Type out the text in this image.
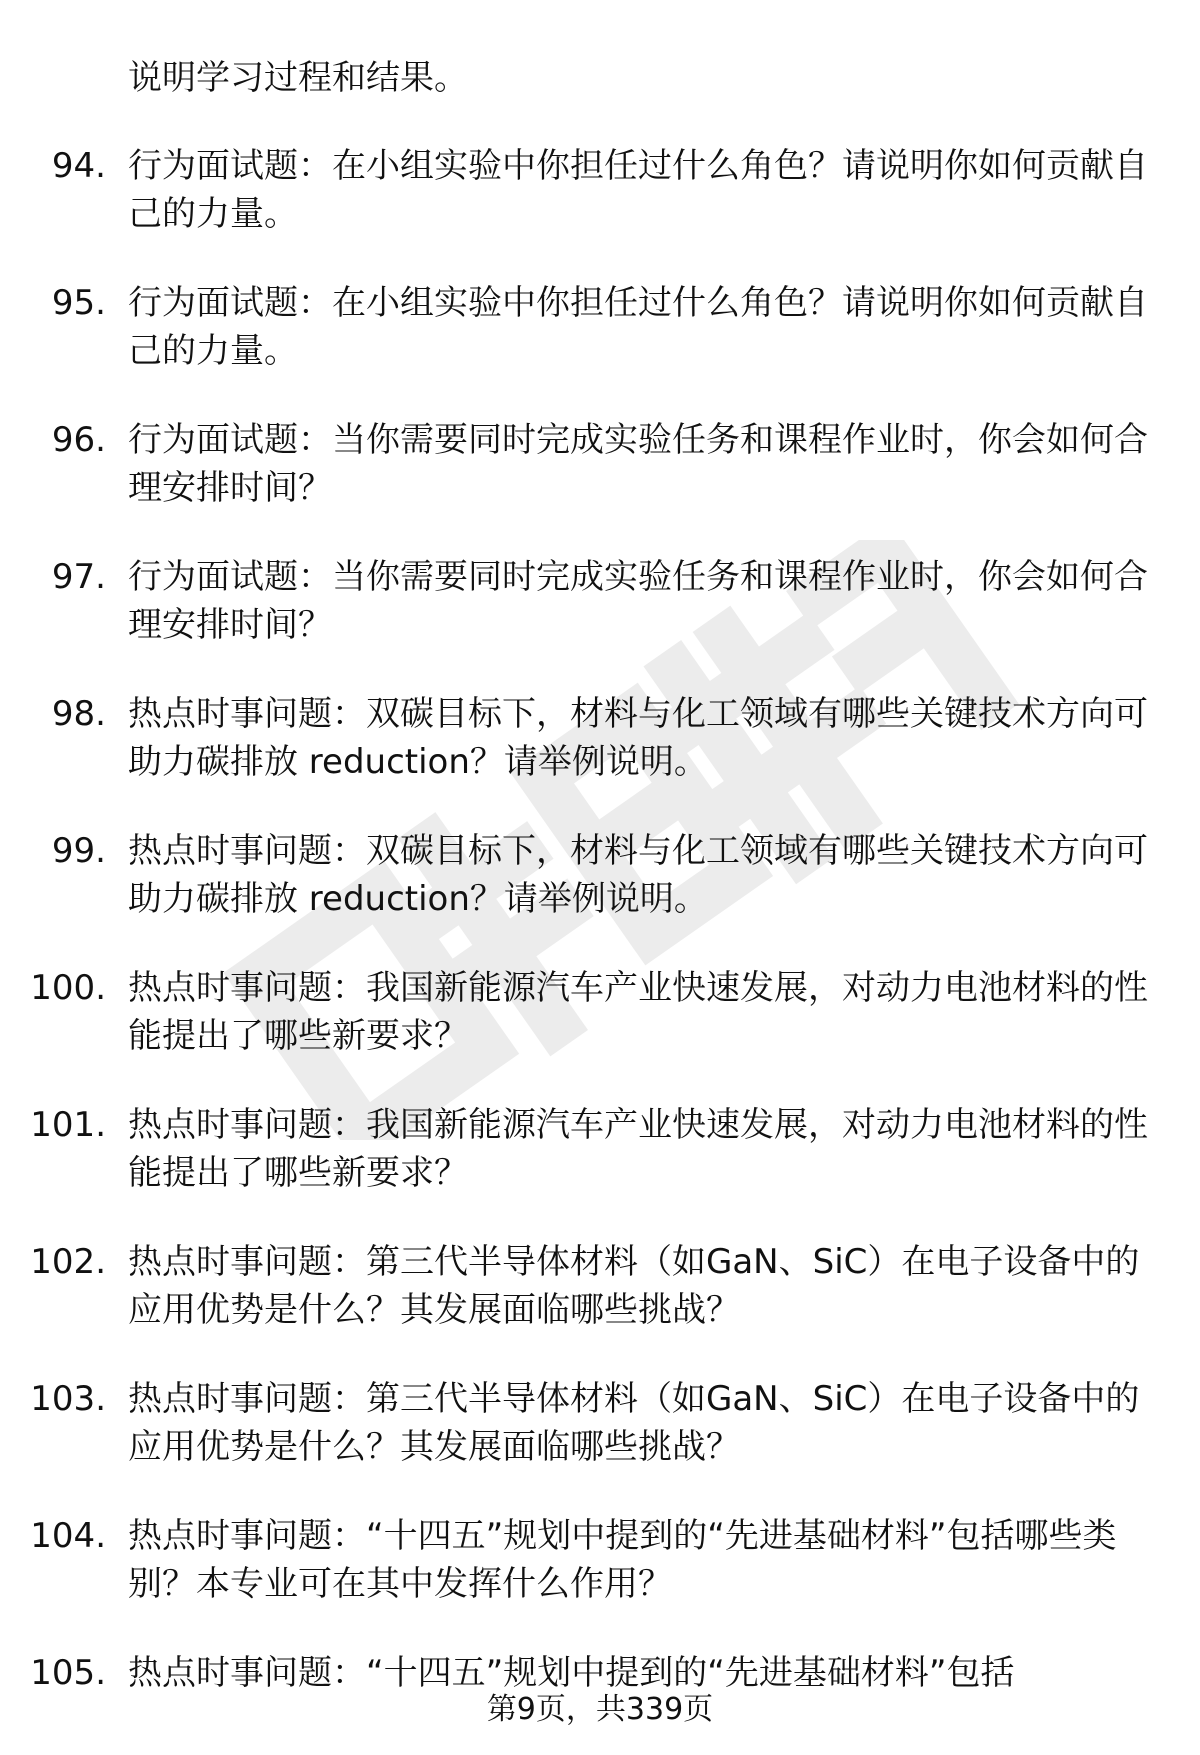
说明学习过程和结果。
94. 行为面试题：在小组实验中你担任过什么角色？请说明你如何贡献自己的力量。
95. 行为面试题：在小组实验中你担任过什么角色？请说明你如何贡献自己的力量。
96. 行为面试题：当你需要同时完成实验任务和课程作业时，你会如何合理安排时间？
97. 行为面试题：当你需要同时完成实验任务和课程作业时，你会如何合理安排时间？
98. 热点时事问题：双碳目标下，材料与化工领域有哪些关键技术方向可助力碳排放 reduction？请举例说明。
99. 热点时事问题：双碳目标下，材料与化工领域有哪些关键技术方向可助力碳排放 reduction？请举例说明。
100. 热点时事问题：我国新能源汽车产业快速发展，对动力电池材料的性能提出了哪些新要求？
101. 热点时事问题：我国新能源汽车产业快速发展，对动力电池材料的性能提出了哪些新要求？
102. 热点时事问题：第三代半导体材料（如GaN、SiC）在电子设备中的应用优势是什么？其发展面临哪些挑战？
103. 热点时事问题：第三代半导体材料（如GaN、SiC）在电子设备中的应用优势是什么？其发展面临哪些挑战？
104. 热点时事问题：“十四五”规划中提到的“先进基础材料”包括哪些类别？本专业可在其中发挥什么作用？
105. 热点时事问题：“十四五”规划中提到的“先进基础材料”包括
第9页，共339页
